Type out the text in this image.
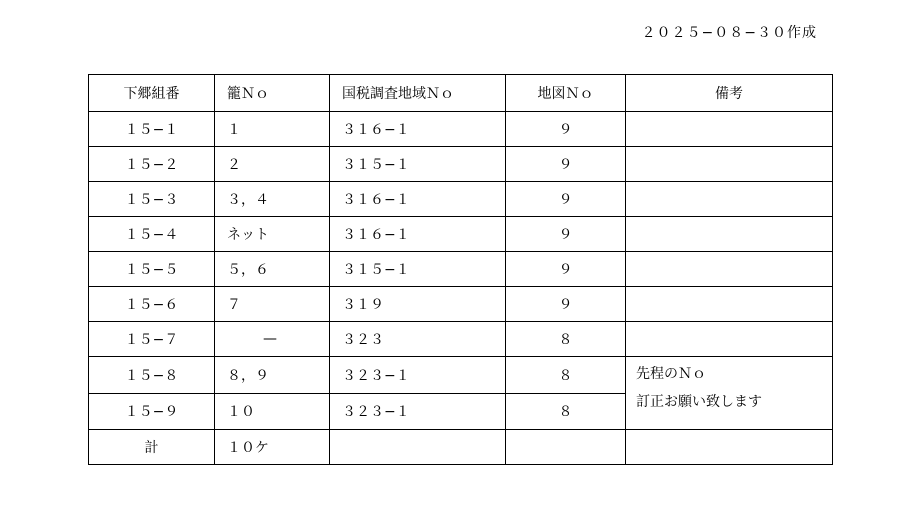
２０２５−０８−３０作成
下郷組番	籠Ｎｏ	国税調査地域Ｎｏ	地図Ｎｏ	備考
１５−１	１	３１６−１	９	
１５−２	２	３１５−１	９	
１５−３	３，４	３１６−１	９	
１５−４	ネット	３１６−１	９	
１５−５	５，６	３１５−１	９	
１５−６	７	３１９	９	
１５−７	—	３２３	８	
１５−８	８，９	３２３−１	８	先程のＮｏ
訂正お願い致します

１５−９	１０	３２３−１	８	
計	１０ケ			
